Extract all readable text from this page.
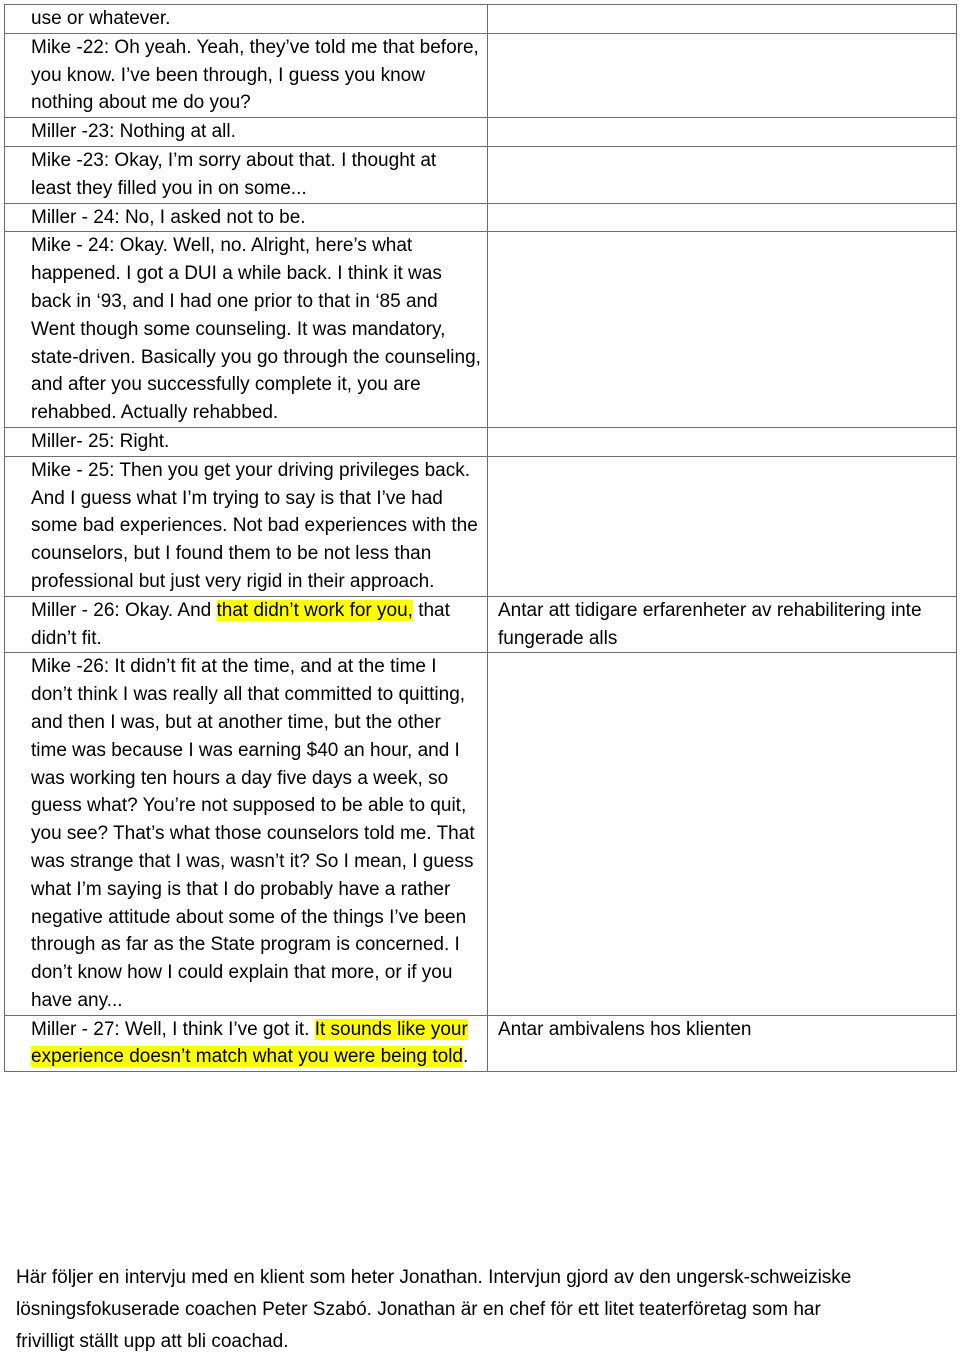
use or whatever.	
Mike -22: Oh yeah. Yeah, they’ve told me that before, you know. I’ve been through, I guess you know nothing about me do you?	
Miller -23: Nothing at all.	
Mike -23: Okay, I’m sorry about that. I thought at least they filled you in on some...	
Miller - 24: No, I asked not to be.	
Mike - 24: Okay. Well, no. Alright, here’s what happened. I got a DUI a while back. I think it was back in ‘93, and I had one prior to that in ‘85 and Went though some counseling. It was mandatory, state-driven. Basically you go through the counseling, and after you successfully complete it, you are rehabbed. Actually rehabbed.	
Miller- 25: Right.	
Mike - 25: Then you get your driving privileges back. And I guess what I’m trying to say is that I’ve had some bad experiences. Not bad experiences with the counselors, but I found them to be not less than professional but just very rigid in their approach.	
Miller - 26: Okay. And that didn’t work for you, that didn’t fit.	Antar att tidigare erfarenheter av rehabilitering inte fungerade alls
Mike -26: It didn’t fit at the time, and at the time I don’t think I was really all that committed to quitting, and then I was, but at another time, but the other time was because I was earning $40 an hour, and I was working ten hours a day five days a week, so guess what? You’re not supposed to be able to quit, you see? That’s what those counselors told me. That was strange that I was, wasn’t it? So I mean, I guess what I’m saying is that I do probably have a rather negative attitude about some of the things I’ve been through as far as the State program is concerned. I don’t know how I could explain that more, or if you have any...	
Miller - 27: Well, I think I’ve got it. It sounds like your experience doesn’t match what you were being told.	Antar ambivalens hos klienten
Här följer en intervju med en klient som heter Jonathan. Intervjun gjord av den ungersk-schweiziske
lösningsfokuserade coachen Peter Szabó. Jonathan är en chef för ett litet teaterföretag som har
frivilligt ställt upp att bli coachad.
